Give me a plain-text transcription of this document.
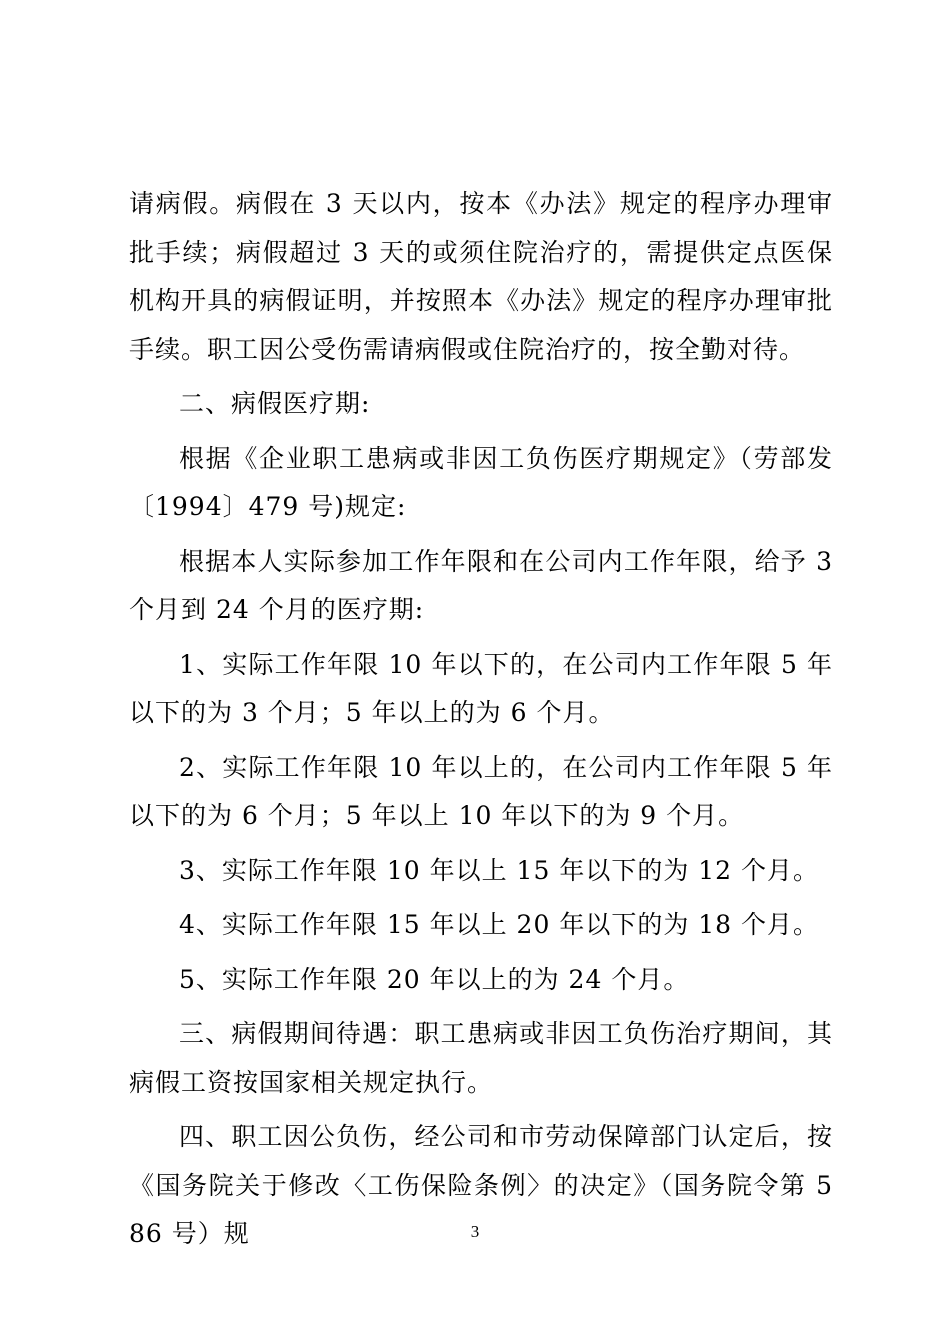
请病假。病假在 3 天以内，按本《办法》规定的程序办理审批手续；病假超过 3 天的或须住院治疗的，需提供定点医保机构开具的病假证明，并按照本《办法》规定的程序办理审批手续。职工因公受伤需请病假或住院治疗的，按全勤对待。

二、病假医疗期:

根据《企业职工患病或非因工负伤医疗期规定》（劳部发〔1994〕479 号)规定:

根据本人实际参加工作年限和在公司内工作年限，给予 3 个月到 24 个月的医疗期:

1、实际工作年限 10 年以下的，在公司内工作年限 5 年以下的为 3 个月；5 年以上的为 6 个月。

2、实际工作年限 10 年以上的，在公司内工作年限 5 年以下的为 6 个月；5 年以上 10 年以下的为 9 个月。

3、实际工作年限 10 年以上 15 年以下的为 12 个月。

4、实际工作年限 15 年以上 20 年以下的为 18 个月。

5、实际工作年限 20 年以上的为 24 个月。

三、病假期间待遇：职工患病或非因工负伤治疗期间，其病假工资按国家相关规定执行。

四、职工因公负伤，经公司和市劳动保障部门认定后，按《国务院关于修改〈工伤保险条例〉的决定》（国务院令第 586 号）规	3
